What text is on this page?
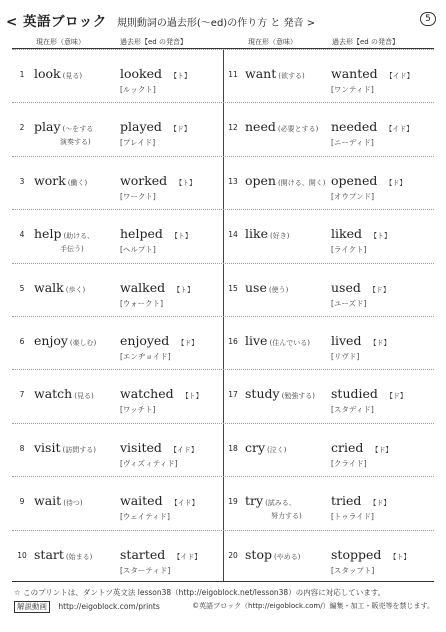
< 英語ブロック 規則動詞の過去形(〜ed)の作り方 と 発音 >	5
現在形（意味）	過去形【ed の発音】	現在形（意味）	過去形【ed の発音】
1 look (見る)	looked 【ト】
[ルックト]
11 want (欲する) wanted 【イド】
[ワンティド]
2 play (〜をする
演奏する)
played 【ド】
[プレイド]
12 need (必要とする) needed 【イド】
[ニーディド]
3 work (働く)	worked 【ト】
[ワークト]
13 open (開ける、開く) opened 【ド】
[オウプンド]
4 help (助ける、
手伝う)
helped 【ト】
[ヘルプト]
14 like (好き)	liked 【ト】
[ライクト]
5 walk (歩く)	walked 【ト】
[ウォークト]
15 use (使う)	used 【ド】
[ユーズド]
6 enjoy (楽しむ) enjoyed 【ド】
[エンヂョイド]
16 live (住んでいる) lived 【ド】
[リヴド]
7 watch (見る) watched 【ト】
[ワッチト]
17 study (勉強する) studied 【ド】
[スタディド]
8 visit (訪問する) visited 【イド】
[ヴィズィティド]
18 cry (泣く)	cried 【ド】
[クライド]
9 wait (待つ)	waited 【イド】
[ウェイティド]
19 try (試みる、
努力する)
tried 【ド】
[トゥライド]
10 start (始まる) started 【イド】
[スターティド]
20 stop (やめる) stopped 【ト】
[スタップト]
☆ このプリントは、ダントツ英文法 lesson38（http://eigoblock.net/lesson38）の内容に対応しています。
解説動画 http://eigoblock.com/prints	©英語ブロック（http://eigoblock.com/）編集・加工・販売等を禁じます。
